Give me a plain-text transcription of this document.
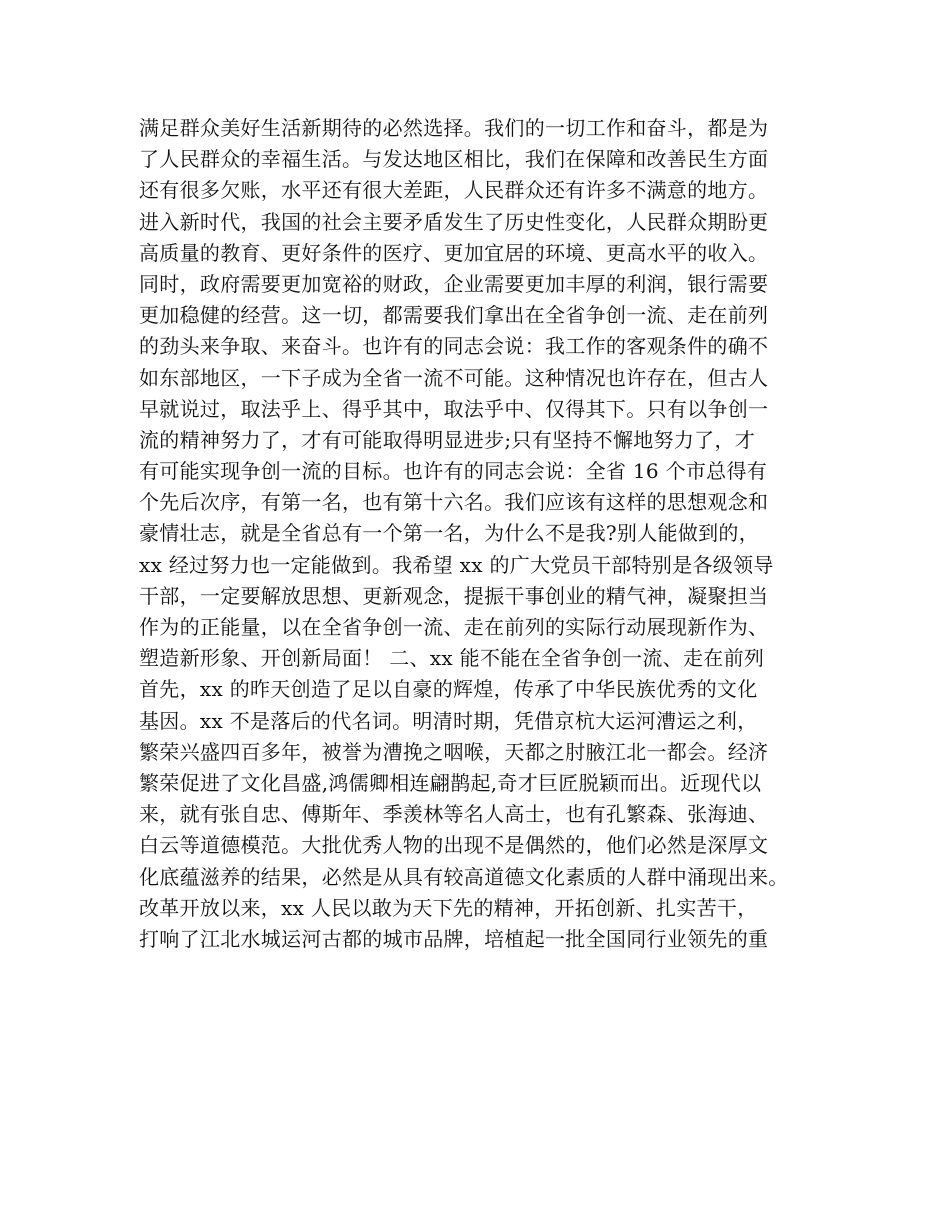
满足群众美好生活新期待的必然选择。我们的一切工作和奋斗，都是为
了人民群众的幸福生活。与发达地区相比，我们在保障和改善民生方面
还有很多欠账，水平还有很大差距，人民群众还有许多不满意的地方。
进入新时代，我国的社会主要矛盾发生了历史性变化，人民群众期盼更
高质量的教育、更好条件的医疗、更加宜居的环境、更高水平的收入。
同时，政府需要更加宽裕的财政，企业需要更加丰厚的利润，银行需要
更加稳健的经营。这一切，都需要我们拿出在全省争创一流、走在前列
的劲头来争取、来奋斗。也许有的同志会说：我工作的客观条件的确不
如东部地区，一下子成为全省一流不可能。这种情况也许存在，但古人
早就说过，取法乎上、得乎其中，取法乎中、仅得其下。只有以争创一
流的精神努力了，才有可能取得明显进步;只有坚持不懈地努力了，才
有可能实现争创一流的目标。也许有的同志会说：全省 16 个市总得有
个先后次序，有第一名，也有第十六名。我们应该有这样的思想观念和
豪情壮志，就是全省总有一个第一名，为什么不是我?别人能做到的，
xx 经过努力也一定能做到。我希望 xx 的广大党员干部特别是各级领导
干部，一定要解放思想、更新观念，提振干事创业的精气神，凝聚担当
作为的正能量，以在全省争创一流、走在前列的实际行动展现新作为、
塑造新形象、开创新局面！ 二、xx 能不能在全省争创一流、走在前列
首先，xx 的昨天创造了足以自豪的辉煌，传承了中华民族优秀的文化
基因。xx 不是落后的代名词。明清时期，凭借京杭大运河漕运之利，
繁荣兴盛四百多年，被誉为漕挽之咽喉，天都之肘腋江北一都会。经济
繁荣促进了文化昌盛,鸿儒卿相连翩鹊起,奇才巨匠脱颖而出。近现代以
来，就有张自忠、傅斯年、季羡林等名人高士，也有孔繁森、张海迪、
白云等道德模范。大批优秀人物的出现不是偶然的，他们必然是深厚文
化底蕴滋养的结果，必然是从具有较高道德文化素质的人群中涌现出来。
改革开放以来，xx 人民以敢为天下先的精神，开拓创新、扎实苦干，
打响了江北水城运河古都的城市品牌，培植起一批全国同行业领先的重
